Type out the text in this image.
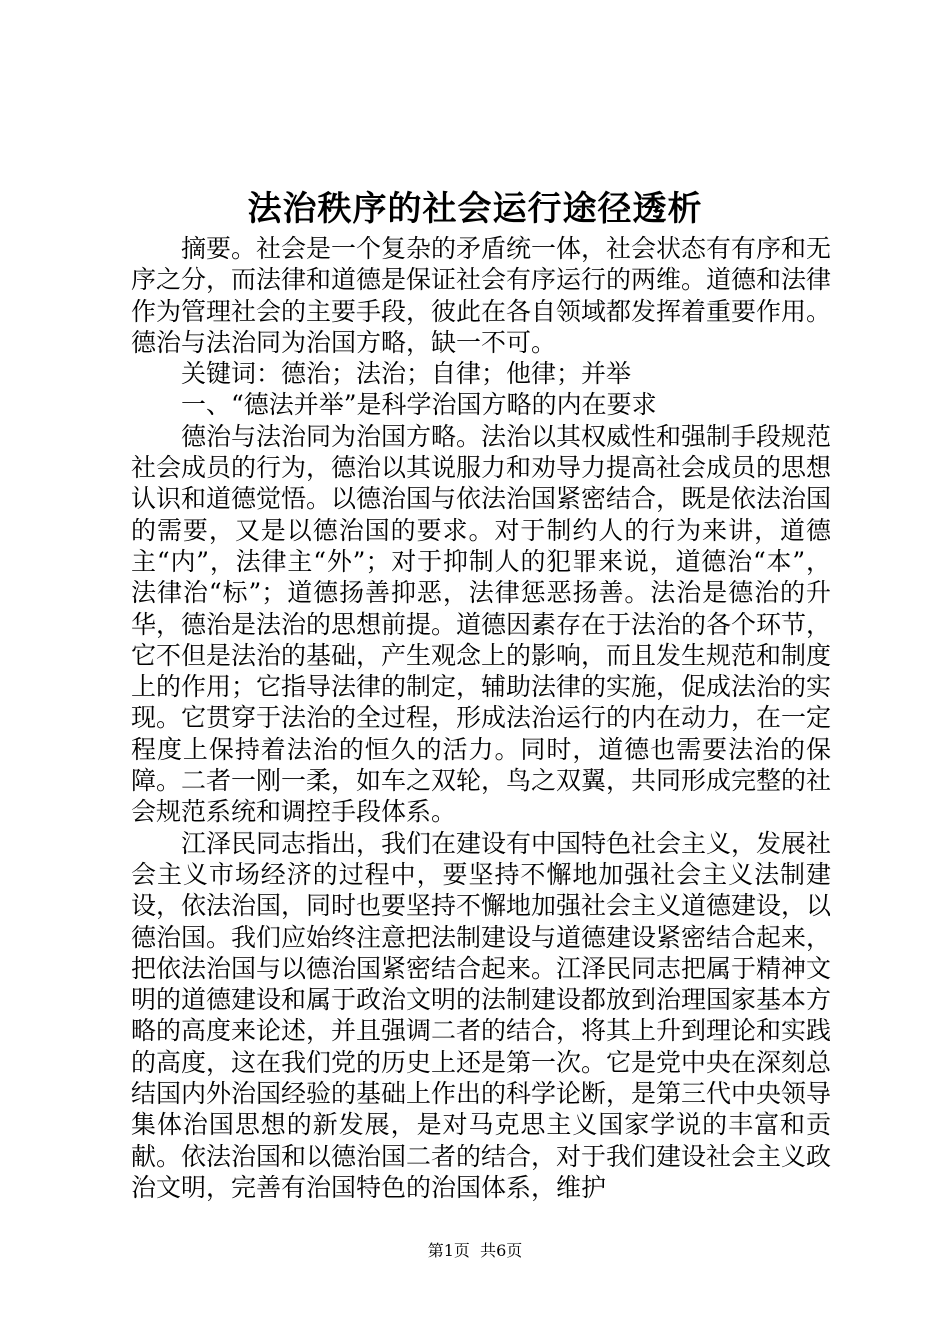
法治秩序的社会运行途径透析

摘要。社会是一个复杂的矛盾统一体，社会状态有有序和无序之分，而法律和道德是保证社会有序运行的两维。道德和法律作为管理社会的主要手段，彼此在各自领域都发挥着重要作用。德治与法治同为治国方略，缺一不可。

关键词：德治；法治；自律；他律；并举

一、“德法并举”是科学治国方略的内在要求

德治与法治同为治国方略。法治以其权威性和强制手段规范社会成员的行为，德治以其说服力和劝导力提高社会成员的思想认识和道德觉悟。以德治国与依法治国紧密结合，既是依法治国的需要，又是以德治国的要求。对于制约人的行为来讲，道德主“内”，法律主“外”；对于抑制人的犯罪来说，道德治“本”，法律治“标”；道德扬善抑恶，法律惩恶扬善。法治是德治的升华，德治是法治的思想前提。道德因素存在于法治的各个环节，它不但是法治的基础，产生观念上的影响，而且发生规范和制度上的作用；它指导法律的制定，辅助法律的实施，促成法治的实现。它贯穿于法治的全过程，形成法治运行的内在动力，在一定程度上保持着法治的恒久的活力。同时，道德也需要法治的保障。二者一刚一柔，如车之双轮，鸟之双翼，共同形成完整的社会规范系统和调控手段体系。

江泽民同志指出，我们在建设有中国特色社会主义，发展社会主义市场经济的过程中，要坚持不懈地加强社会主义法制建设，依法治国，同时也要坚持不懈地加强社会主义道德建设，以德治国。我们应始终注意把法制建设与道德建设紧密结合起来，把依法治国与以德治国紧密结合起来。江泽民同志把属于精神文明的道德建设和属于政治文明的法制建设都放到治理国家基本方略的高度来论述，并且强调二者的结合，将其上升到理论和实践的高度，这在我们党的历史上还是第一次。它是党中央在深刻总结国内外治国经验的基础上作出的科学论断，是第三代中央领导集体治国思想的新发展，是对马克思主义国家学说的丰富和贡献。依法治国和以德治国二者的结合，对于我们建设社会主义政治文明，完善有治国特色的治国体系，维护

第1页 共6页
